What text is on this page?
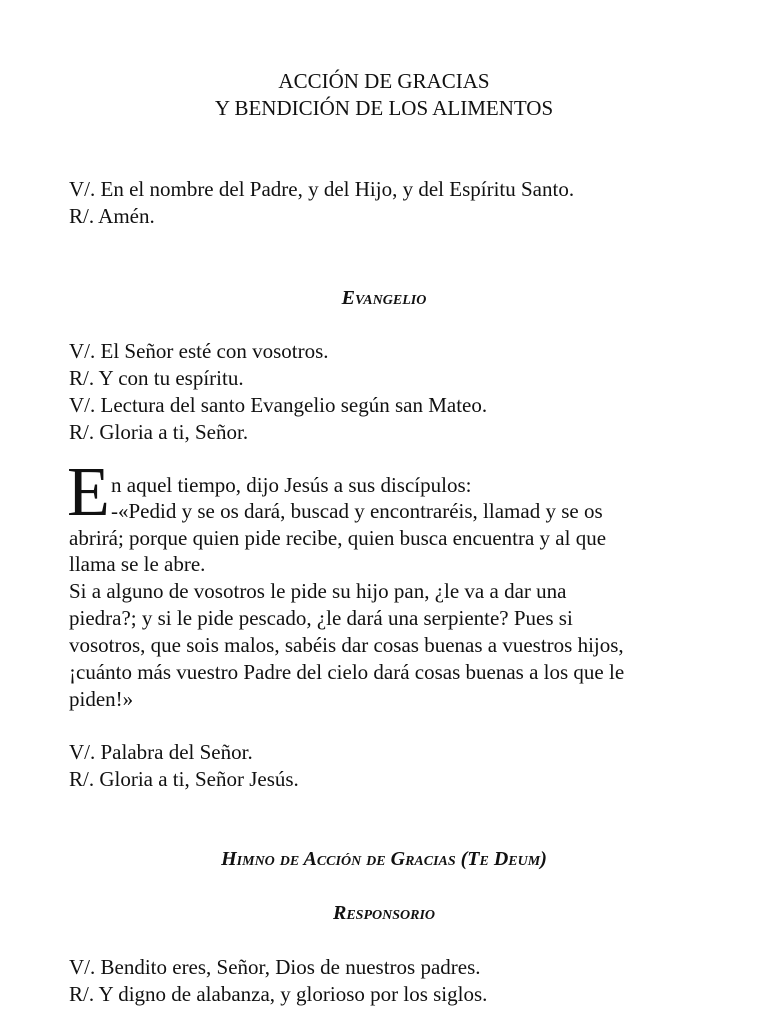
ACCIÓN DE GRACIAS
Y BENDICIÓN DE LOS ALIMENTOS
V/. En el nombre del Padre, y del Hijo, y del Espíritu Santo.
R/. Amén.
Evangelio
V/. El Señor esté con vosotros.
R/. Y con tu espíritu.
V/. Lectura del santo Evangelio según san Mateo.
R/. Gloria a ti, Señor.
E n aquel tiempo, dijo Jesús a sus discípulos:
-«Pedid y se os dará, buscad y encontraréis, llamad y se os
abrirá; porque quien pide recibe, quien busca encuentra y al que
llama se le abre.
Si a alguno de vosotros le pide su hijo pan, ¿le va a dar una
piedra?; y si le pide pescado, ¿le dará una serpiente? Pues si
vosotros, que sois malos, sabéis dar cosas buenas a vuestros hijos,
¡cuánto más vuestro Padre del cielo dará cosas buenas a los que le
piden!»
V/. Palabra del Señor.
R/. Gloria a ti, Señor Jesús.
Himno de Acción de Gracias (Te Deum)
Responsorio
V/. Bendito eres, Señor, Dios de nuestros padres.
R/. Y digno de alabanza, y glorioso por los siglos.
